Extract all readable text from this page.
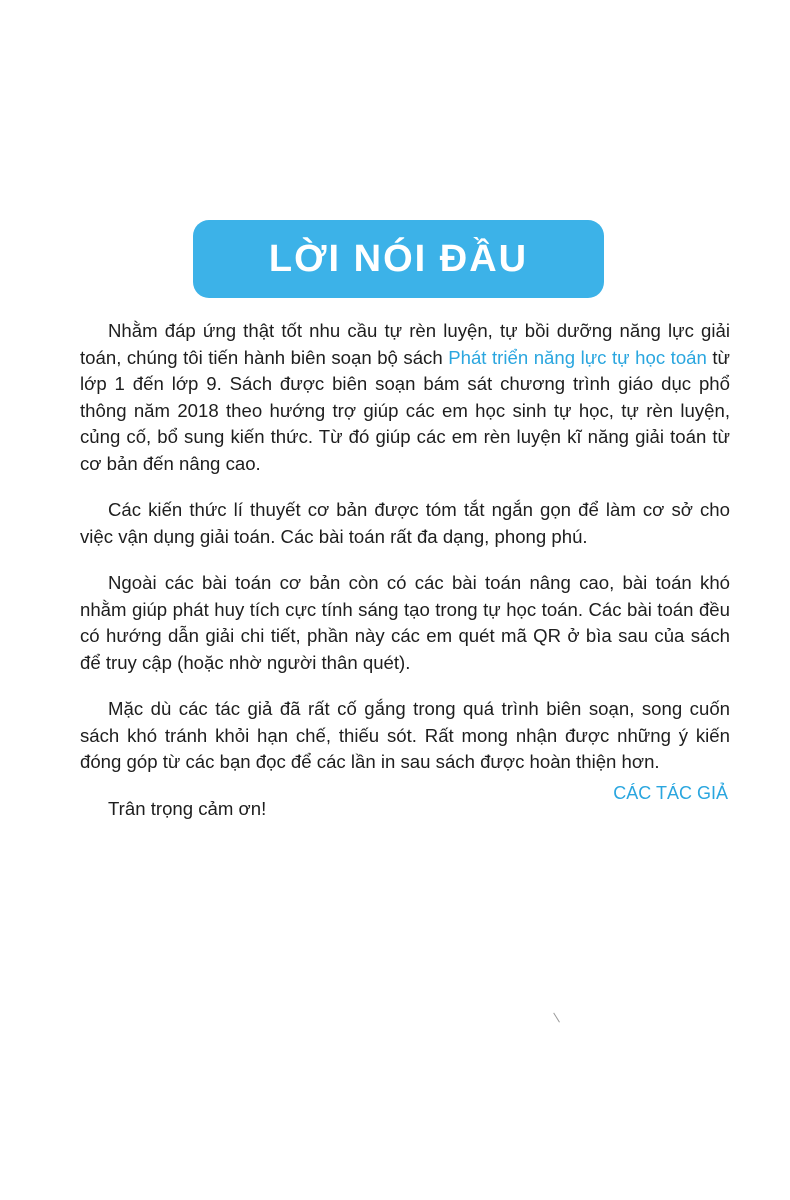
LỜI NÓI ĐẦU

Nhằm đáp ứng thật tốt nhu cầu tự rèn luyện, tự bồi dưỡng năng lực giải toán, chúng tôi tiến hành biên soạn bộ sách Phát triển năng lực tự học toán từ lớp 1 đến lớp 9. Sách được biên soạn bám sát chương trình giáo dục phổ thông năm 2018 theo hướng trợ giúp các em học sinh tự học, tự rèn luyện, củng cố, bổ sung kiến thức. Từ đó giúp các em rèn luyện kĩ năng giải toán từ cơ bản đến nâng cao.

Các kiến thức lí thuyết cơ bản được tóm tắt ngắn gọn để làm cơ sở cho việc vận dụng giải toán. Các bài toán rất đa dạng, phong phú.

Ngoài các bài toán cơ bản còn có các bài toán nâng cao, bài toán khó nhằm giúp phát huy tích cực tính sáng tạo trong tự học toán. Các bài toán đều có hướng dẫn giải chi tiết, phần này các em quét mã QR ở bìa sau của sách để truy cập (hoặc nhờ người thân quét).

Mặc dù các tác giả đã rất cố gắng trong quá trình biên soạn, song cuốn sách khó tránh khỏi hạn chế, thiếu sót. Rất mong nhận được những ý kiến đóng góp từ các bạn đọc để các lần in sau sách được hoàn thiện hơn.

Trân trọng cảm ơn!

CÁC TÁC GIẢ
